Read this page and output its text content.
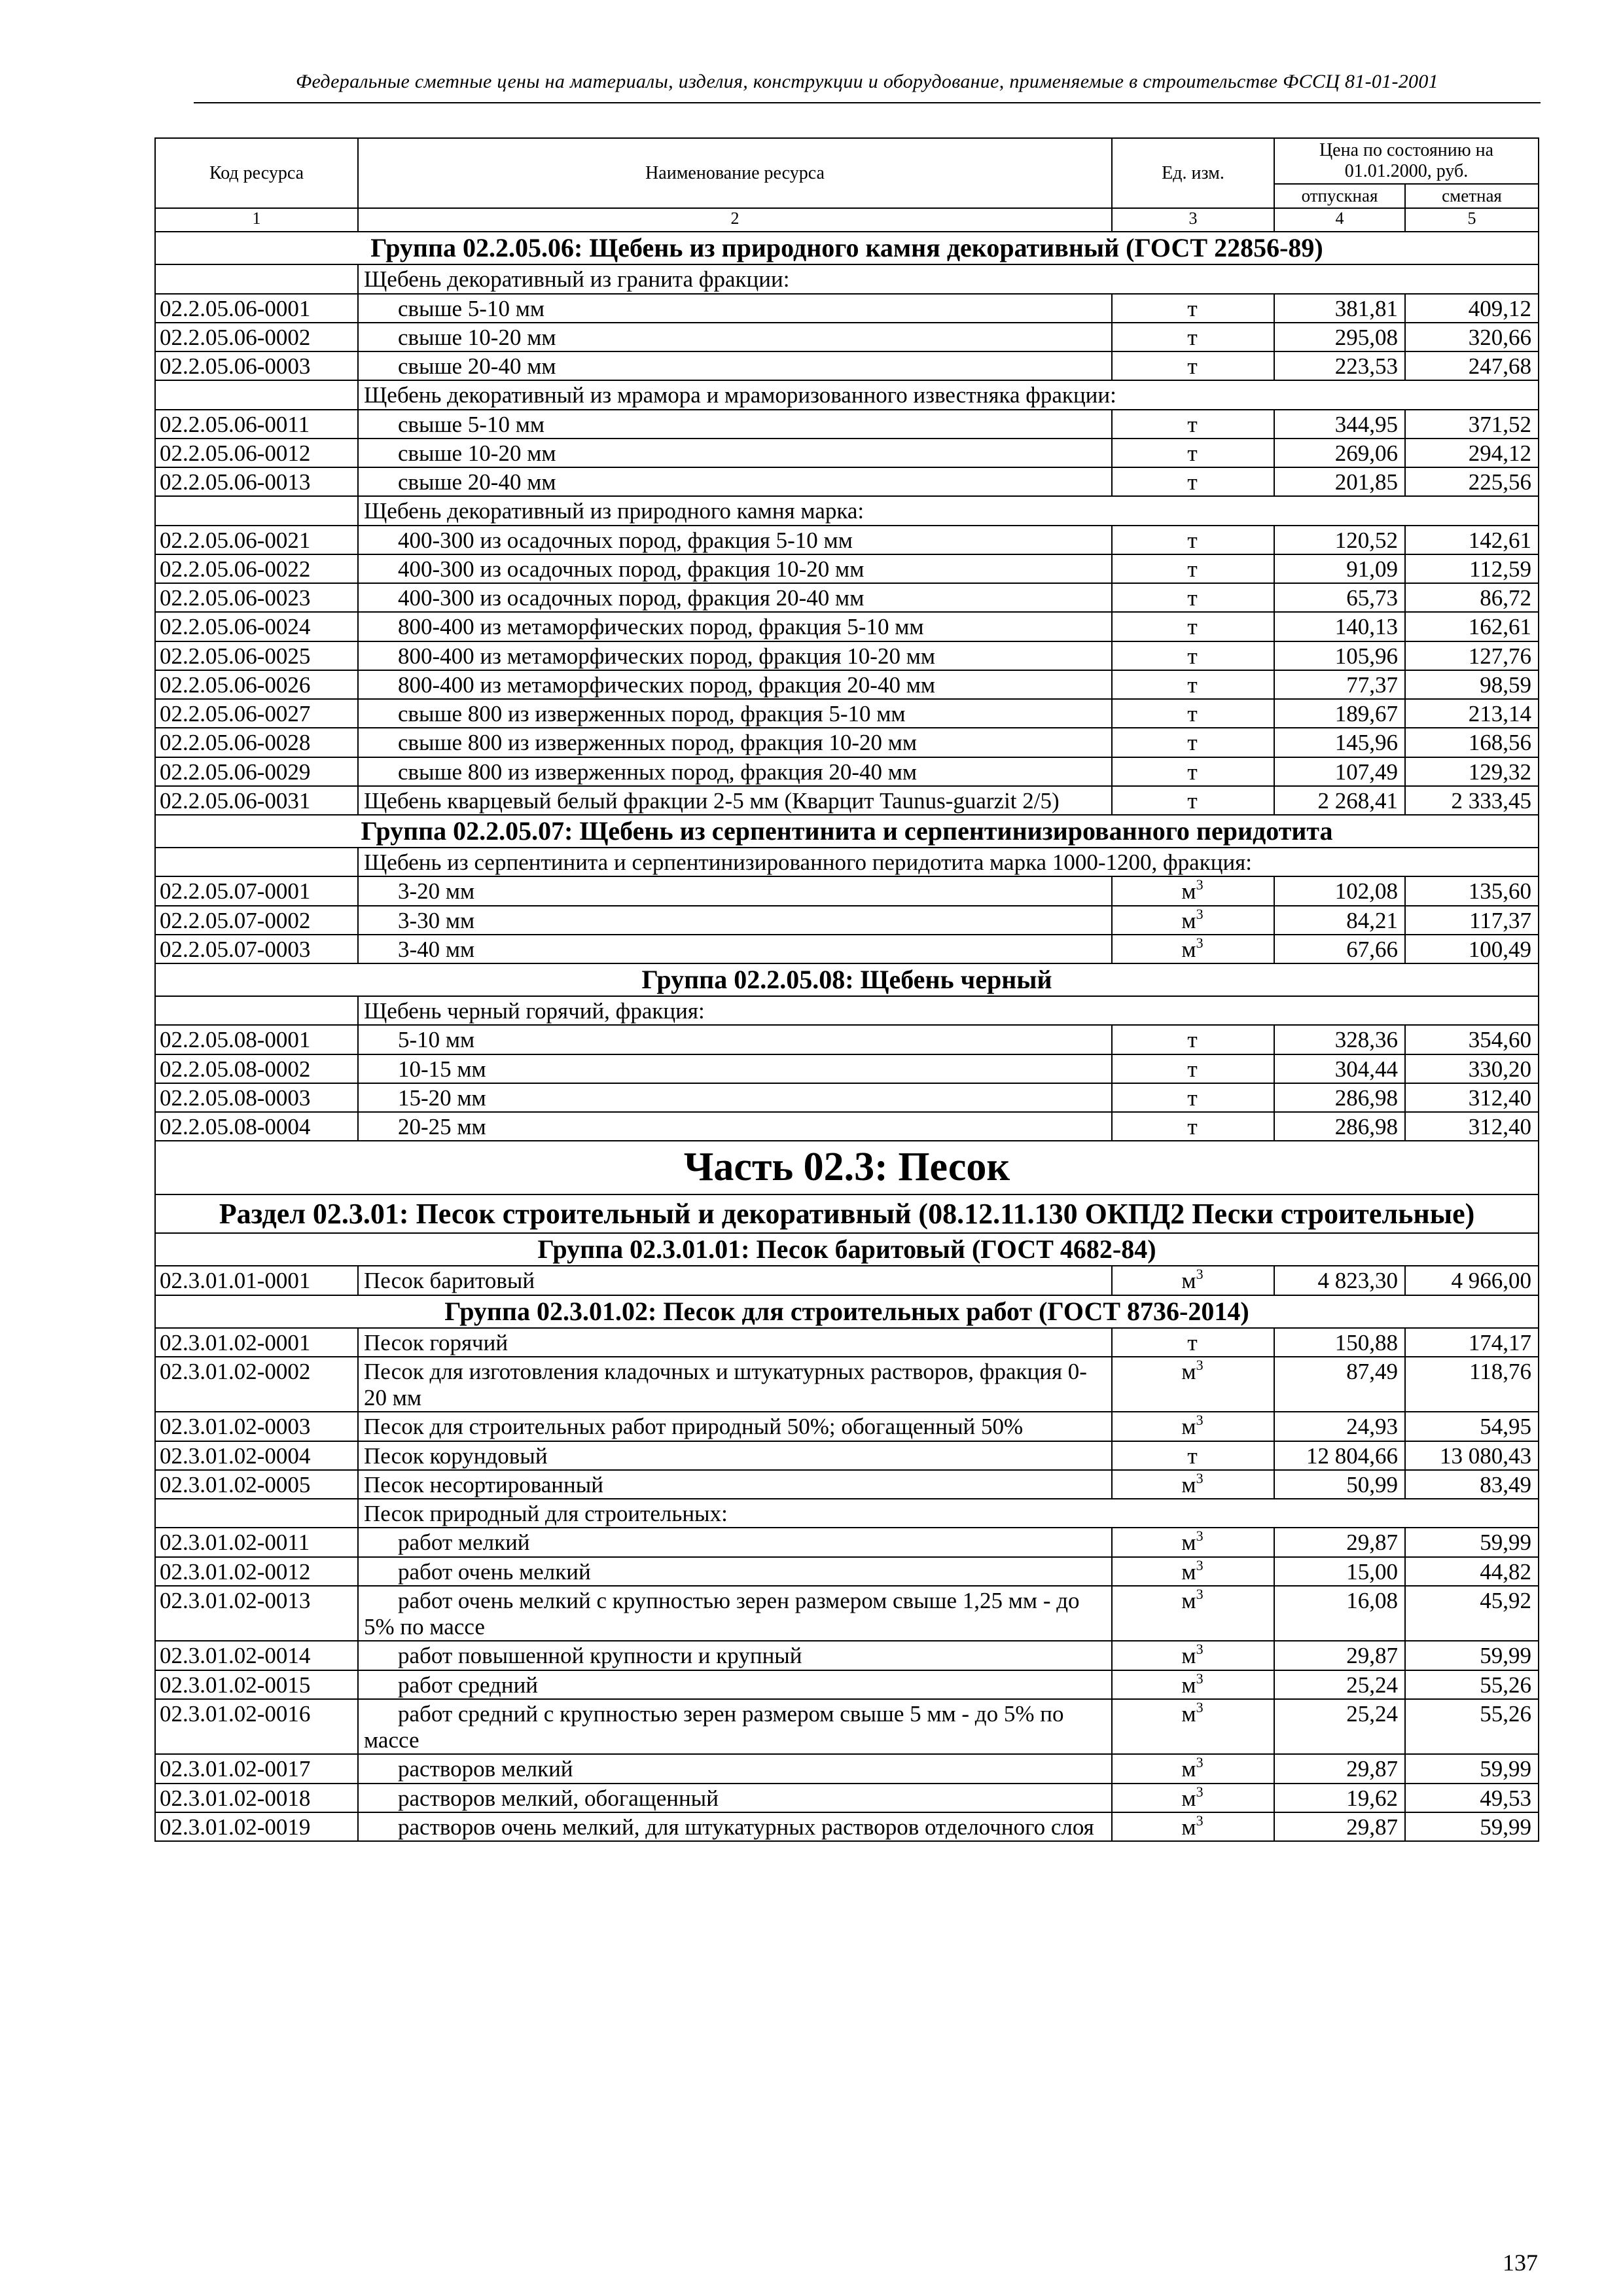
Федеральные сметные цены на материалы, изделия, конструкции и оборудование, применяемые в строительстве ФССЦ 81-01-2001
Код ресурса	Наименование ресурса	Ед. изм.	Цена по состоянию на 01.01.2000, руб.	
			отпускная	сметная
1	2	3	4	5
Группа 02.2.05.06: Щебень из природного камня декоративный (ГОСТ 22856-89)				
	Щебень декоративный из гранита фракции:			
02.2.05.06-0001	свыше 5-10 мм	т	381,81	409,12
02.2.05.06-0002	свыше 10-20 мм	т	295,08	320,66
02.2.05.06-0003	свыше 20-40 мм	т	223,53	247,68
	Щебень декоративный из мрамора и мраморизованного известняка фракции:			
02.2.05.06-0011	свыше 5-10 мм	т	344,95	371,52
02.2.05.06-0012	свыше 10-20 мм	т	269,06	294,12
02.2.05.06-0013	свыше 20-40 мм	т	201,85	225,56
	Щебень декоративный из природного камня марка:			
02.2.05.06-0021	400-300 из осадочных пород, фракция 5-10 мм	т	120,52	142,61
02.2.05.06-0022	400-300 из осадочных пород, фракция 10-20 мм	т	91,09	112,59
02.2.05.06-0023	400-300 из осадочных пород, фракция 20-40 мм	т	65,73	86,72
02.2.05.06-0024	800-400 из метаморфических пород, фракция 5-10 мм	т	140,13	162,61
02.2.05.06-0025	800-400 из метаморфических пород, фракция 10-20 мм	т	105,96	127,76
02.2.05.06-0026	800-400 из метаморфических пород, фракция 20-40 мм	т	77,37	98,59
02.2.05.06-0027	свыше 800 из изверженных пород, фракция 5-10 мм	т	189,67	213,14
02.2.05.06-0028	свыше 800 из изверженных пород, фракция 10-20 мм	т	145,96	168,56
02.2.05.06-0029	свыше 800 из изверженных пород, фракция 20-40 мм	т	107,49	129,32
02.2.05.06-0031	Щебень кварцевый белый фракции 2-5 мм (Кварцит Taunus-guarzit 2/5)	т	2 268,41	2 333,45
Группа 02.2.05.07: Щебень из серпентинита и серпентинизированного перидотита				
	Щебень из серпентинита и серпентинизированного перидотита марка 1000-1200, фракция:			
02.2.05.07-0001	3-20 мм	$м^3$	102,08	135,60
02.2.05.07-0002	3-30 мм	$м^3$	84,21	117,37
02.2.05.07-0003	3-40 мм	$м^3$	67,66	100,49
Группа 02.2.05.08: Щебень черный				
	Щебень черный горячий, фракция:			
02.2.05.08-0001	5-10 мм	т	328,36	354,60
02.2.05.08-0002	10-15 мм	т	304,44	330,20
02.2.05.08-0003	15-20 мм	т	286,98	312,40
02.2.05.08-0004	20-25 мм	т	286,98	312,40
Часть 02.3: Песок				
Раздел 02.3.01: Песок строительный и декоративный (08.12.11.130 ОКПД2 Пески строительные)				
Группа 02.3.01.01: Песок баритовый (ГОСТ 4682-84)				
02.3.01.01-0001	Песок баритовый	$м^3$	4 823,30	4 966,00
Группа 02.3.01.02: Песок для строительных работ (ГОСТ 8736-2014)				
02.3.01.02-0001	Песок горячий	т	150,88	174,17
02.3.01.02-0002	Песок для изготовления кладочных и штукатурных растворов, фракция 0-20 мм	$м^3$	87,49	118,76
02.3.01.02-0003	Песок для строительных работ природный 50%; обогащенный 50%	$м^3$	24,93	54,95
02.3.01.02-0004	Песок корундовый	т	12 804,66	13 080,43
02.3.01.02-0005	Песок несортированный	$м^3$	50,99	83,49
	Песок природный для строительных:			
02.3.01.02-0011	работ мелкий	$м^3$	29,87	59,99
02.3.01.02-0012	работ очень мелкий	$м^3$	15,00	44,82
02.3.01.02-0013	работ очень мелкий с крупностью зерен размером свыше 1,25 мм - до 5% по массе	$м^3$	16,08	45,92
02.3.01.02-0014	работ повышенной крупности и крупный	$м^3$	29,87	59,99
02.3.01.02-0015	работ средний	$м^3$	25,24	55,26
02.3.01.02-0016	работ средний с крупностью зерен размером свыше 5 мм - до 5% по массе	$м^3$	25,24	55,26
02.3.01.02-0017	растворов мелкий	$м^3$	29,87	59,99
02.3.01.02-0018	растворов мелкий, обогащенный	$м^3$	19,62	49,53
02.3.01.02-0019	растворов очень мелкий, для штукатурных растворов отделочного слоя	$м^3$	29,87	59,99
137
